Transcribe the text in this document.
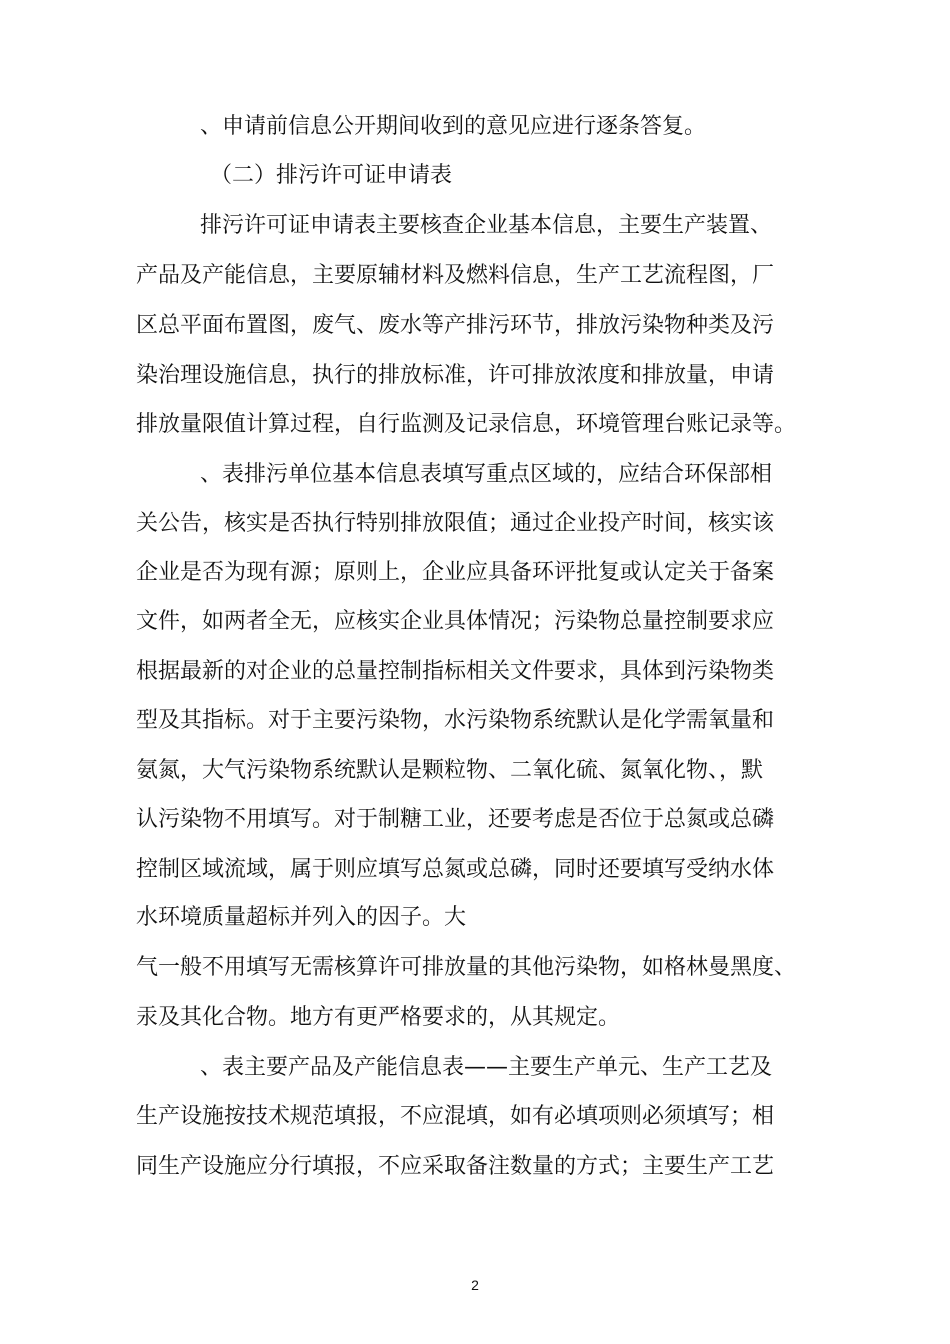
、申请前信息公开期间收到的意见应进行逐条答复。
（二）排污许可证申请表
排污许可证申请表主要核查企业基本信息，主要生产装置、
产品及产能信息，主要原辅材料及燃料信息，生产工艺流程图，厂
区总平面布置图，废气、废水等产排污环节，排放污染物种类及污
染治理设施信息，执行的排放标准，许可排放浓度和排放量，申请
排放量限值计算过程，自行监测及记录信息，环境管理台账记录等。
、表排污单位基本信息表填写重点区域的，应结合环保部相
关公告，核实是否执行特别排放限值；通过企业投产时间，核实该
企业是否为现有源；原则上，企业应具备环评批复或认定关于备案
文件，如两者全无，应核实企业具体情况；污染物总量控制要求应
根据最新的对企业的总量控制指标相关文件要求，具体到污染物类
型及其指标。对于主要污染物，水污染物系统默认是化学需氧量和
氨氮，大气污染物系统默认是颗粒物、二氧化硫、氮氧化物、，默
认污染物不用填写。对于制糖工业，还要考虑是否位于总氮或总磷
控制区域流域，属于则应填写总氮或总磷，同时还要填写受纳水体
水环境质量超标并列入的因子。大
气一般不用填写无需核算许可排放量的其他污染物，如格林曼黑度、
汞及其化合物。地方有更严格要求的，从其规定。
、表主要产品及产能信息表——主要生产单元、生产工艺及
生产设施按技术规范填报，不应混填，如有必填项则必须填写；相
同生产设施应分行填报，不应采取备注数量的方式；主要生产工艺
2
